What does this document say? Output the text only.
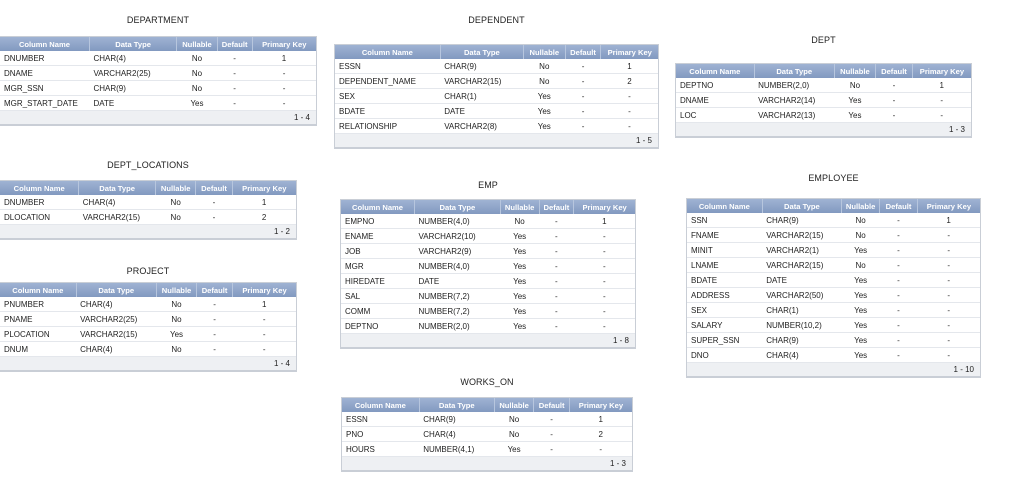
DEPARTMENT
Column Name	Data Type	Nullable	Default	Primary Key
DNUMBER	CHAR(4)	No	-	1
DNAME	VARCHAR2(25)	No	-	-
MGR_SSN	CHAR(9)	No	-	-
MGR_START_DATE	DATE	Yes	-	-
1 - 4				
DEPENDENT
Column Name	Data Type	Nullable	Default	Primary Key
ESSN	CHAR(9)	No	-	1
DEPENDENT_NAME	VARCHAR2(15)	No	-	2
SEX	CHAR(1)	Yes	-	-
BDATE	DATE	Yes	-	-
RELATIONSHIP	VARCHAR2(8)	Yes	-	-
1 - 5				
DEPT
Column Name	Data Type	Nullable	Default	Primary Key
DEPTNO	NUMBER(2,0)	No	-	1
DNAME	VARCHAR2(14)	Yes	-	-
LOC	VARCHAR2(13)	Yes	-	-
1 - 3				
DEPT_LOCATIONS
Column Name	Data Type	Nullable	Default	Primary Key
DNUMBER	CHAR(4)	No	-	1
DLOCATION	VARCHAR2(15)	No	-	2
1 - 2				
EMP
Column Name	Data Type	Nullable	Default	Primary Key
EMPNO	NUMBER(4,0)	No	-	1
ENAME	VARCHAR2(10)	Yes	-	-
JOB	VARCHAR2(9)	Yes	-	-
MGR	NUMBER(4,0)	Yes	-	-
HIREDATE	DATE	Yes	-	-
SAL	NUMBER(7,2)	Yes	-	-
COMM	NUMBER(7,2)	Yes	-	-
DEPTNO	NUMBER(2,0)	Yes	-	-
1 - 8				
EMPLOYEE
Column Name	Data Type	Nullable	Default	Primary Key
SSN	CHAR(9)	No	-	1
FNAME	VARCHAR2(15)	No	-	-
MINIT	VARCHAR2(1)	Yes	-	-
LNAME	VARCHAR2(15)	No	-	-
BDATE	DATE	Yes	-	-
ADDRESS	VARCHAR2(50)	Yes	-	-
SEX	CHAR(1)	Yes	-	-
SALARY	NUMBER(10,2)	Yes	-	-
SUPER_SSN	CHAR(9)	Yes	-	-
DNO	CHAR(4)	Yes	-	-
1 - 10				
PROJECT
Column Name	Data Type	Nullable	Default	Primary Key
PNUMBER	CHAR(4)	No	-	1
PNAME	VARCHAR2(25)	No	-	-
PLOCATION	VARCHAR2(15)	Yes	-	-
DNUM	CHAR(4)	No	-	-
1 - 4				
WORKS_ON
Column Name	Data Type	Nullable	Default	Primary Key
ESSN	CHAR(9)	No	-	1
PNO	CHAR(4)	No	-	2
HOURS	NUMBER(4,1)	Yes	-	-
1 - 3				
